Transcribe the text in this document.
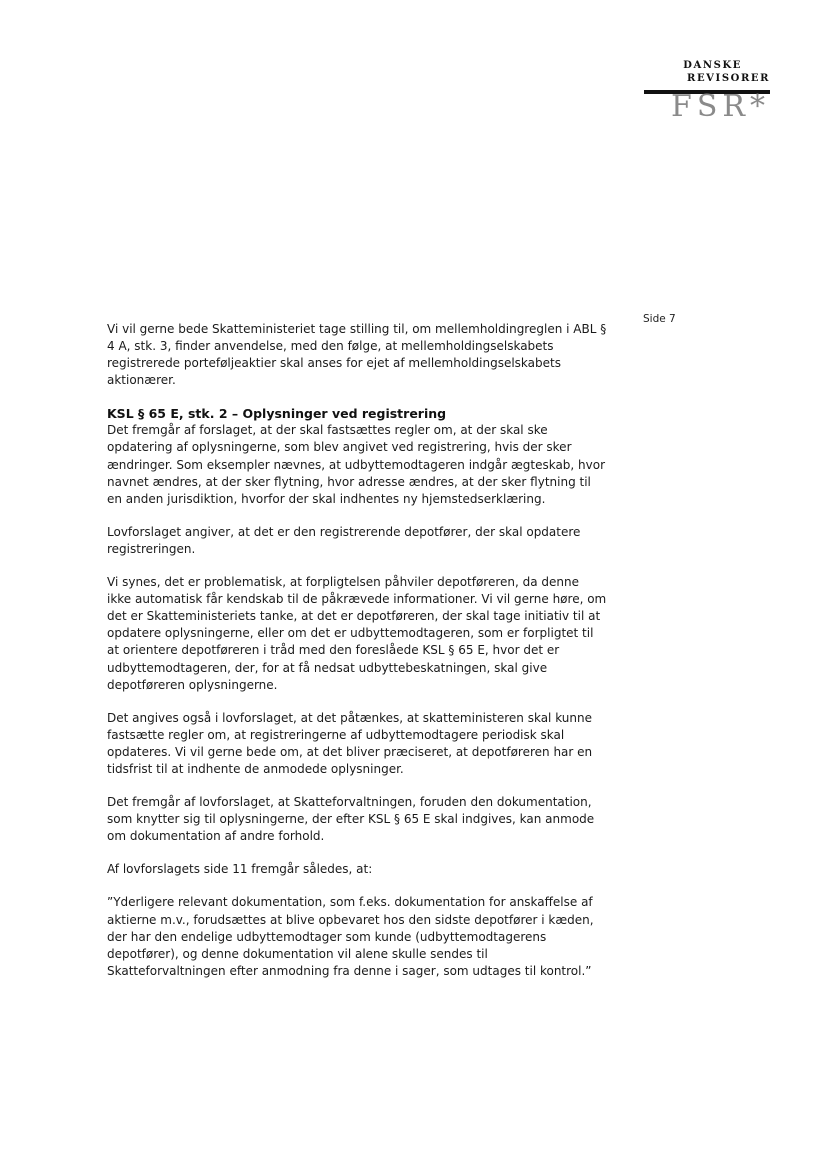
DANSKE
REVISORER
FSR*
Side 7

Vi vil gerne bede Skatteministeriet tage stilling til, om mellemholdingreglen i ABL § 4 A, stk. 3, finder anvendelse, med den følge, at mellemholdingselskabets registrerede porteføljeaktier skal anses for ejet af mellemholdingselskabets aktionærer.

KSL § 65 E, stk. 2 – Oplysninger ved registrering

Det fremgår af forslaget, at der skal fastsættes regler om, at der skal ske opdatering af oplysningerne, som blev angivet ved registrering, hvis der sker ændringer. Som eksempler nævnes, at udbyttemodtageren indgår ægteskab, hvor navnet ændres, at der sker flytning, hvor adresse ændres, at der sker flytning til en anden jurisdiktion, hvorfor der skal indhentes ny hjemstedserklæring.

Lovforslaget angiver, at det er den registrerende depotfører, der skal opdatere registreringen.

Vi synes, det er problematisk, at forpligtelsen påhviler depotføreren, da denne ikke automatisk får kendskab til de påkrævede informationer. Vi vil gerne høre, om det er Skatteministeriets tanke, at det er depotføreren, der skal tage initiativ til at opdatere oplysningerne, eller om det er udbyttemodtageren, som er forpligtet til at orientere depotføreren i tråd med den foreslåede KSL § 65 E, hvor det er udbyttemodtageren, der, for at få nedsat udbyttebeskatningen, skal give depotføreren oplysningerne.

Det angives også i lovforslaget, at det påtænkes, at skatteministeren skal kunne fastsætte regler om, at registreringerne af udbyttemodtagere periodisk skal opdateres. Vi vil gerne bede om, at det bliver præciseret, at depotføreren har en tidsfrist til at indhente de anmodede oplysninger.

Det fremgår af lovforslaget, at Skatteforvaltningen, foruden den dokumentation, som knytter sig til oplysningerne, der efter KSL § 65 E skal indgives, kan anmode om dokumentation af andre forhold.

Af lovforslagets side 11 fremgår således, at:

”Yderligere relevant dokumentation, som f.eks. dokumentation for anskaffelse af aktierne m.v., forudsættes at blive opbevaret hos den sidste depotfører i kæden, der har den endelige udbyttemodtager som kunde (udbyttemodtagerens depotfører), og denne dokumentation vil alene skulle sendes til Skatteforvaltningen efter anmodning fra denne i sager, som udtages til kontrol.”
